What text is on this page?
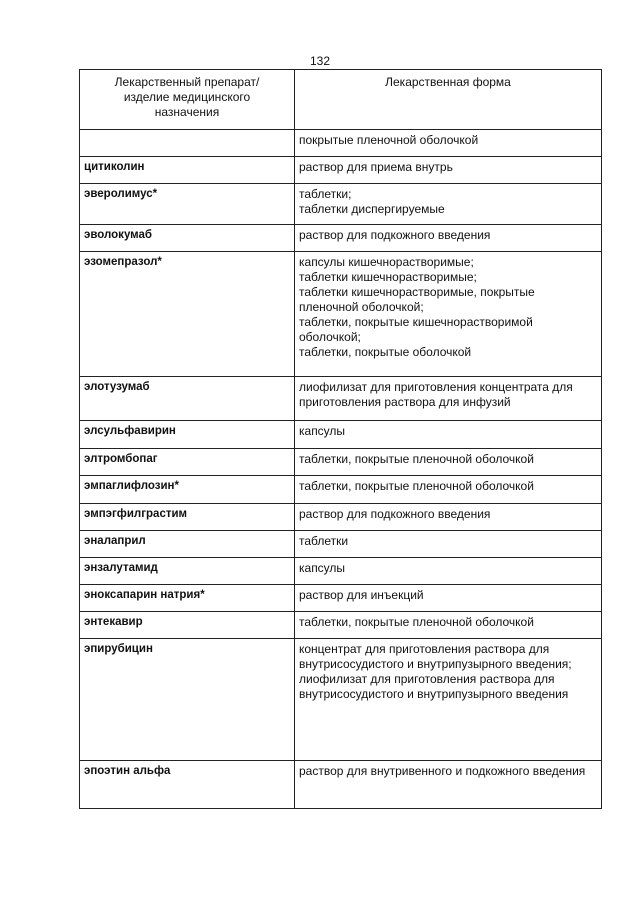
132
Лекарственный препарат/ изделие медицинского назначения	Лекарственная форма

	покрытые пленочной оболочкой

цитиколин	раствор для приема внутрь

эверолимус*	таблетки;
таблетки диспергируемые

эволокумаб	раствор для подкожного введения

эзомепразол*	капсулы кишечнорастворимые;
таблетки кишечнорастворимые;
таблетки кишечнорастворимые, покрытые пленочной оболочкой;
таблетки, покрытые кишечнорастворимой оболочкой;
таблетки, покрытые оболочкой

элотузумаб	лиофилизат для приготовления концентрата для приготовления раствора для инфузий

элсульфавирин	капсулы

элтромбопаг	таблетки, покрытые пленочной оболочкой

эмпаглифлозин*	таблетки, покрытые пленочной оболочкой

эмпэгфилграстим	раствор для подкожного введения

эналаприл	таблетки

энзалутамид	капсулы

эноксапарин натрия*	раствор для инъекций

энтекавир	таблетки, покрытые пленочной оболочкой

эпирубицин	концентрат для приготовления раствора для внутрисосудистого и внутрипузырного введения;
лиофилизат для приготовления раствора для внутрисосудистого и внутрипузырного введения

эпоэтин альфа	раствор для внутривенного и подкожного введения
